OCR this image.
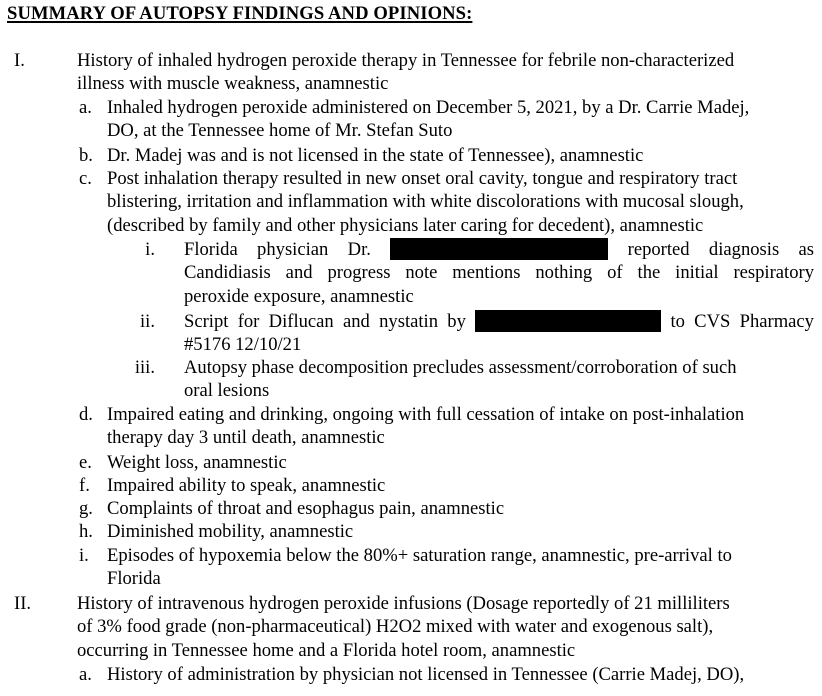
SUMMARY OF AUTOPSY FINDINGS AND OPINIONS:
I.	History of inhaled hydrogen peroxide therapy in Tennessee for febrile non-characterized
illness with muscle weakness, anamnestic
a. Inhaled hydrogen peroxide administered on December 5, 2021, by a Dr. Carrie Madej,
DO, at the Tennessee home of Mr. Stefan Suto
b. Dr. Madej was and is not licensed in the state of Tennessee), anamnestic
c. Post inhalation therapy resulted in new onset oral cavity, tongue and respiratory tract
blistering, irritation and inflammation with white discolorations with mucosal slough,
(described by family and other physicians later caring for decedent), anamnestic
i. Florida physician Dr.	reported diagnosis as
Candidiasis and progress note mentions nothing of the initial respiratory
peroxide exposure, anamnestic
ii. Script for Diflucan and nystatin by	to CVS Pharmacy
#5176 12/10/21
iii. Autopsy phase decomposition precludes assessment/corroboration of such
oral lesions
d. Impaired eating and drinking, ongoing with full cessation of intake on post-inhalation
therapy day 3 until death, anamnestic
e. Weight loss, anamnestic
f. Impaired ability to speak, anamnestic
g. Complaints of throat and esophagus pain, anamnestic
h. Diminished mobility, anamnestic
i. Episodes of hypoxemia below the 80%+ saturation range, anamnestic, pre-arrival to
Florida
II. History of intravenous hydrogen peroxide infusions (Dosage reportedly of 21 milliliters
of 3% food grade (non-pharmaceutical) H2O2 mixed with water and exogenous salt),
occurring in Tennessee home and a Florida hotel room, anamnestic
a. History of administration by physician not licensed in Tennessee (Carrie Madej, DO),
